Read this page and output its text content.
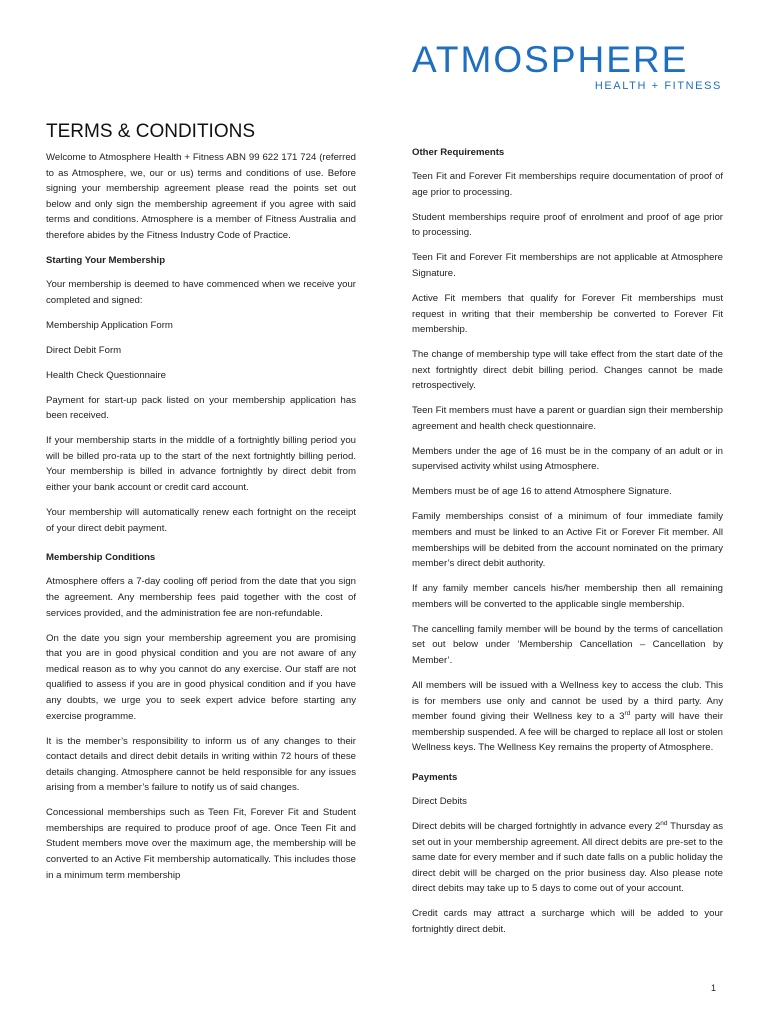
ATMOSPHERE
HEALTH + FITNESS
TERMS & CONDITIONS

Welcome to Atmosphere Health + Fitness ABN 99 622 171 724 (referred to as Atmosphere, we, our or us) terms and conditions of use. Before signing your membership agreement please read the points set out below and only sign the membership agreement if you agree with said terms and conditions. Atmosphere is a member of Fitness Australia and therefore abides by the Fitness Industry Code of Practice.

Starting Your Membership

Your membership is deemed to have commenced when we receive your completed and signed:

Membership Application Form

Direct Debit Form

Health Check Questionnaire

Payment for start-up pack listed on your membership application has been received.

If your membership starts in the middle of a fortnightly billing period you will be billed pro-rata up to the start of the next fortnightly billing period. Your membership is billed in advance fortnightly by direct debit from either your bank account or credit card account.

Your membership will automatically renew each fortnight on the receipt of your direct debit payment.

Membership Conditions

Atmosphere offers a 7-day cooling off period from the date that you sign the agreement. Any membership fees paid together with the cost of services provided, and the administration fee are non-refundable.

On the date you sign your membership agreement you are promising that you are in good physical condition and you are not aware of any medical reason as to why you cannot do any exercise. Our staff are not qualified to assess if you are in good physical condition and if you have any doubts, we urge you to seek expert advice before starting any exercise programme.

It is the member’s responsibility to inform us of any changes to their contact details and direct debit details in writing within 72 hours of these details changing. Atmosphere cannot be held responsible for any issues arising from a member’s failure to notify us of said changes.

Concessional memberships such as Teen Fit, Forever Fit and Student memberships are required to produce proof of age. Once Teen Fit and Student members move over the maximum age, the membership will be converted to an Active Fit membership automatically. This includes those in a minimum term membership

Other Requirements

Teen Fit and Forever Fit memberships require documentation of proof of age prior to processing.

Student memberships require proof of enrolment and proof of age prior to processing.

Teen Fit and Forever Fit memberships are not applicable at Atmosphere Signature.

Active Fit members that qualify for Forever Fit memberships must request in writing that their membership be converted to Forever Fit membership.

The change of membership type will take effect from the start date of the next fortnightly direct debit billing period. Changes cannot be made retrospectively.

Teen Fit members must have a parent or guardian sign their membership agreement and health check questionnaire.

Members under the age of 16 must be in the company of an adult or in supervised activity whilst using Atmosphere.

Members must be of age 16 to attend Atmosphere Signature.

Family memberships consist of a minimum of four immediate family members and must be linked to an Active Fit or Forever Fit member. All memberships will be debited from the account nominated on the primary member’s direct debit authority.

If any family member cancels his/her membership then all remaining members will be converted to the applicable single membership.

The cancelling family member will be bound by the terms of cancellation set out below under ‘Membership Cancellation – Cancellation by Member’.

All members will be issued with a Wellness key to access the club. This is for members use only and cannot be used by a third party. Any member found giving their Wellness key to a 3rd party will have their membership suspended. A fee will be charged to replace all lost or stolen Wellness keys. The Wellness Key remains the property of Atmosphere.

Payments

Direct Debits

Direct debits will be charged fortnightly in advance every 2nd Thursday as set out in your membership agreement. All direct debits are pre-set to the same date for every member and if such date falls on a public holiday the direct debit will be charged on the prior business day. Also please note direct debits may take up to 5 days to come out of your account.

Credit cards may attract a surcharge which will be added to your fortnightly direct debit.

1
